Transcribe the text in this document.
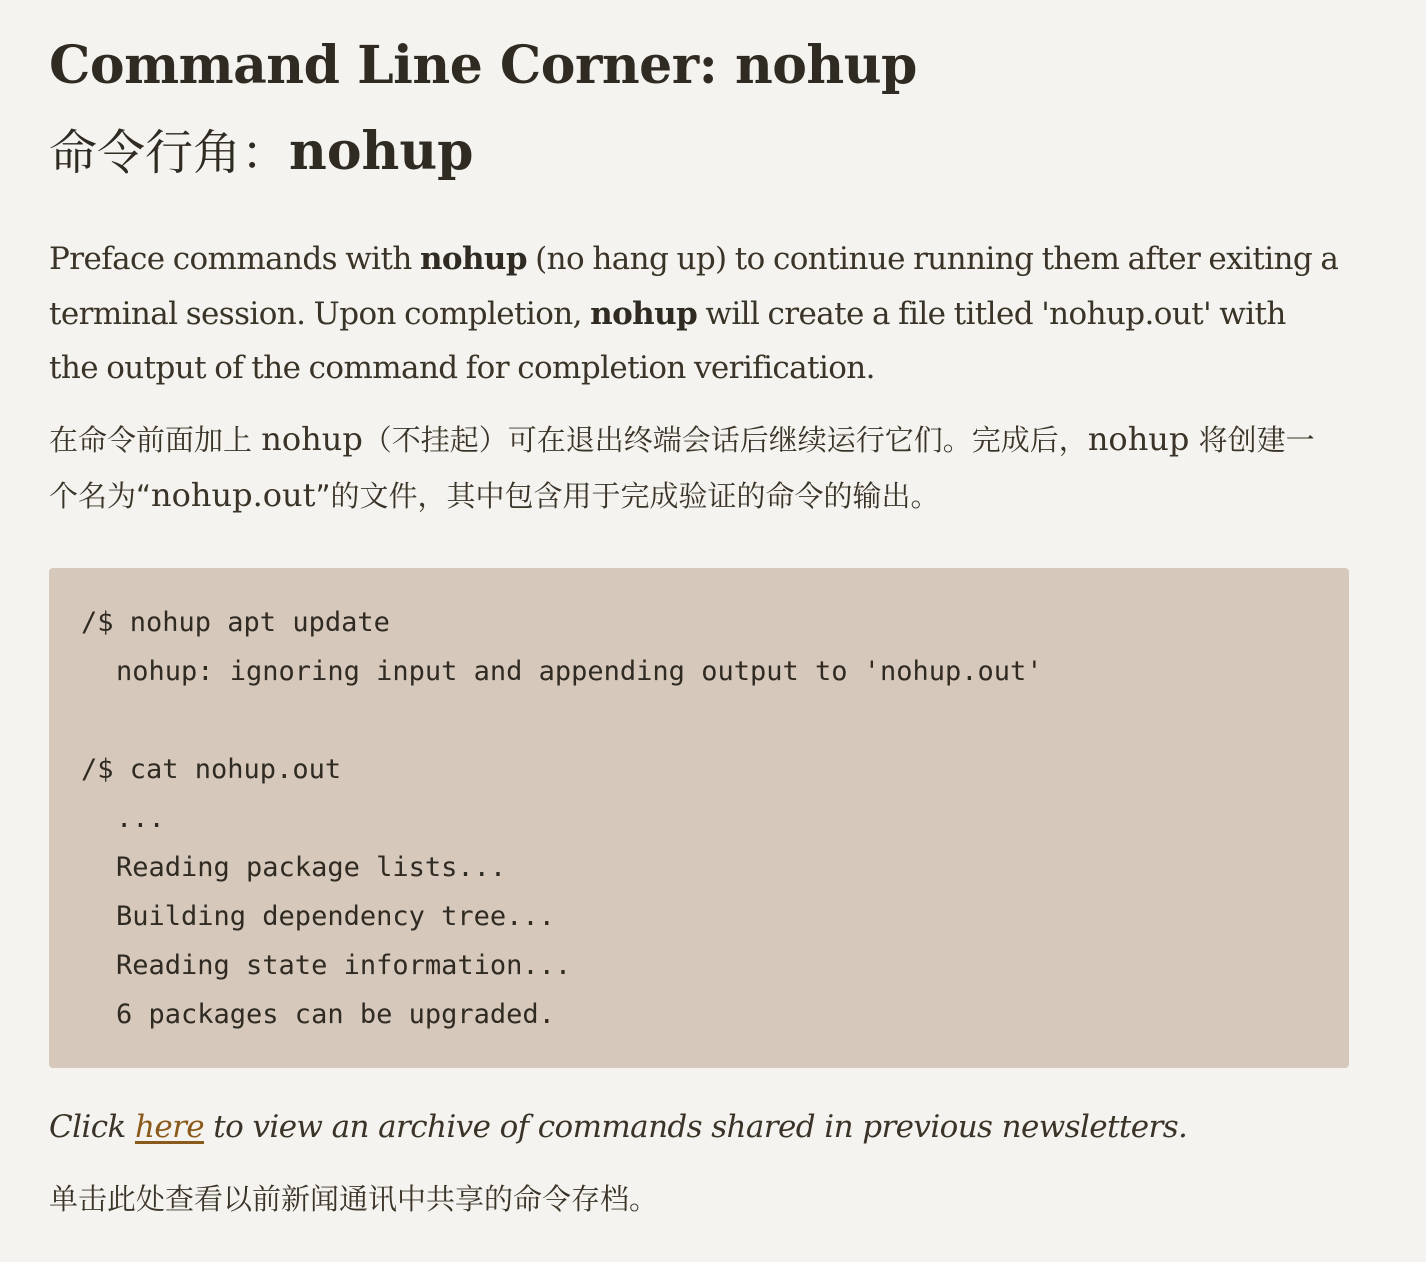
Command Line Corner: nohup
命令行角：nohup

Preface commands with nohup (no hang up) to continue running them after exiting a terminal session. Upon completion, nohup will create a file titled 'nohup.out' with the output of the command for completion verification.

在命令前面加上 nohup（不挂起）可在退出终端会话后继续运行它们。完成后，nohup 将创建一个名为“nohup.out”的文件，其中包含用于完成验证的命令的输出。

/$ nohup apt update
nohup: ignoring input and appending output to 'nohup.out'
/$ cat nohup.out
...
Reading package lists...
Building dependency tree...
Reading state information...
6 packages can be upgraded.

Click here to view an archive of commands shared in previous newsletters.

单击此处查看以前新闻通讯中共享的命令存档。
